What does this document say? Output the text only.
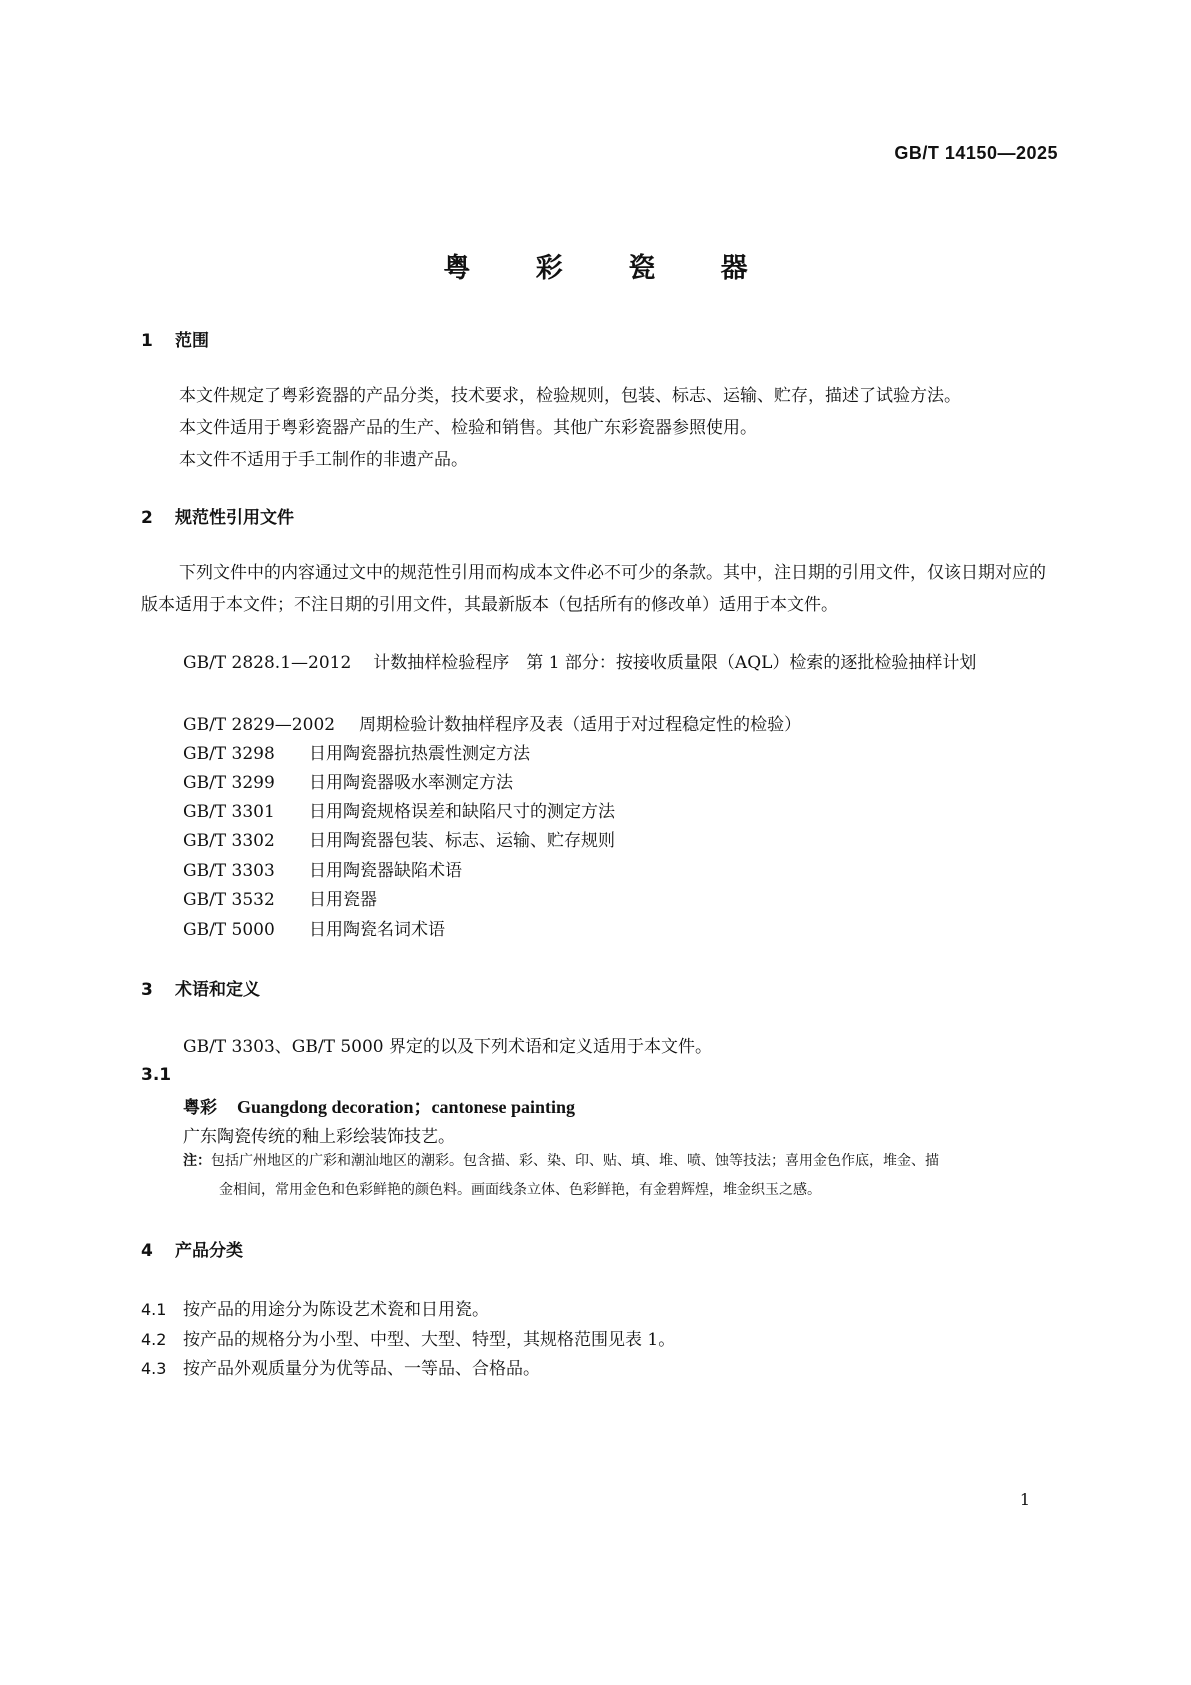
GB/T 14150—2025
粤 彩 瓷 器
1 范围
本文件规定了粤彩瓷器的产品分类，技术要求，检验规则，包装、标志、运输、贮存，描述了试验方法。
本文件适用于粤彩瓷器产品的生产、检验和销售。其他广东彩瓷器参照使用。
本文件不适用于手工制作的非遗产品。
2 规范性引用文件
下列文件中的内容通过文中的规范性引用而构成本文件必不可少的条款。其中，注日期的引用文件，仅该日期对应的版本适用于本文件；不注日期的引用文件，其最新版本（包括所有的修改单）适用于本文件。
GB/T 2828.1—2012 计数抽样检验程序　第 1 部分：按接收质量限（AQL）检索的逐批检验抽样计划
GB/T 2829—2002 周期检验计数抽样程序及表（适用于对过程稳定性的检验）
GB/T 3298 日用陶瓷器抗热震性测定方法
GB/T 3299 日用陶瓷器吸水率测定方法
GB/T 3301 日用陶瓷规格误差和缺陷尺寸的测定方法
GB/T 3302 日用陶瓷器包装、标志、运输、贮存规则
GB/T 3303 日用陶瓷器缺陷术语
GB/T 3532 日用瓷器
GB/T 5000 日用陶瓷名词术语
3 术语和定义
GB/T 3303、GB/T 5000 界定的以及下列术语和定义适用于本文件。
3.1
粤彩 Guangdong decoration；cantonese painting
广东陶瓷传统的釉上彩绘装饰技艺。
注：包括广州地区的广彩和潮汕地区的潮彩。包含描、彩、染、印、贴、填、堆、喷、蚀等技法；喜用金色作底，堆金、描
金相间，常用金色和色彩鲜艳的颜色料。画面线条立体、色彩鲜艳，有金碧辉煌，堆金织玉之感。
4 产品分类
4.1 按产品的用途分为陈设艺术瓷和日用瓷。
4.2 按产品的规格分为小型、中型、大型、特型，其规格范围见表 1。
4.3 按产品外观质量分为优等品、一等品、合格品。
1
